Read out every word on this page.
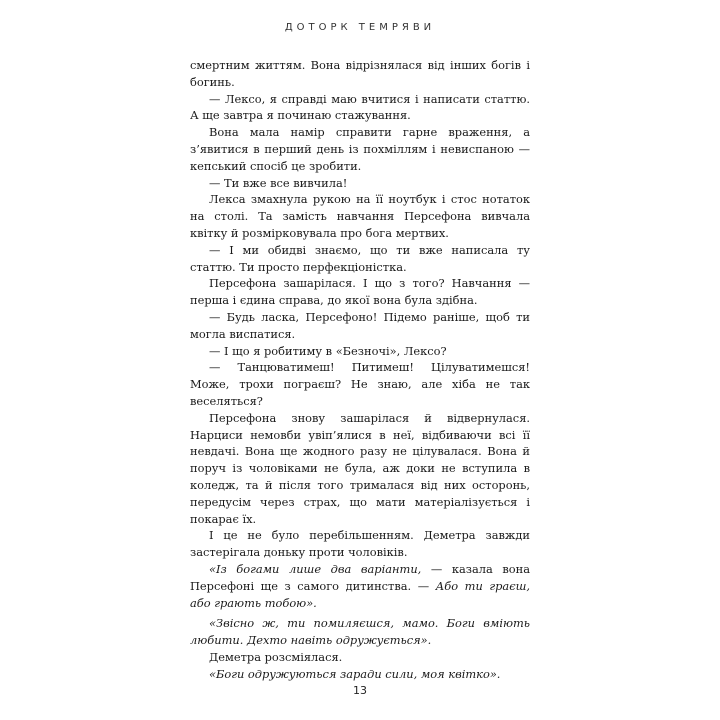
ДОТОРК ТЕМРЯВИ

смертним життям. Вона відрізнялася від інших богів і богинь.

— Лексо, я справді маю вчитися і написати статтю. А ще завтра я починаю стажування.

Вона мала намір справити гарне враження, а з’явитися в перший день із похміллям і невиспаною — кепський спосіб це зробити.

— Ти вже все вивчила!

Лекса змахнула рукою на її ноутбук і стос нотаток на столі. Та замість навчання Персефона вивчала квітку й розмірковувала про бога мертвих.

— І ми обидві знаємо, що ти вже написала ту статтю. Ти просто перфекціоністка.

Персефона зашарілася. І що з того? Навчання — перша і єдина справа, до якої вона була здібна.

— Будь ласка, Персефоно! Підемо раніше, щоб ти могла виспатися.

— І що я робитиму в «Безночі», Лексо?

— Танцюватимеш! Питимеш! Цілуватимешся! Може, трохи пограєш? Не знаю, але хіба не так веселяться?

Персефона знову зашарілася й відвернулася. Нарциси немовби увіп’ялися в неї, відбиваючи всі її невдачі. Вона ще жодного разу не цілувалася. Вона й поруч із чоловіками не була, аж доки не вступила в коледж, та й після того трималася від них осторонь, передусім через страх, що мати матеріалізується і покарає їх.

І це не було перебільшенням. Деметра завжди застерігала доньку проти чоловіків.

«Із богами лише два варіанти, — казала вона Персефоні ще з самого дитинства. — Або ти граєш, або грають тобою».

«Звісно ж, ти помиляєшся, мамо. Боги вміють любити. Дехто навіть одружується».

Деметра розсміялася.

«Боги одружуються заради сили, моя квітко».

13
